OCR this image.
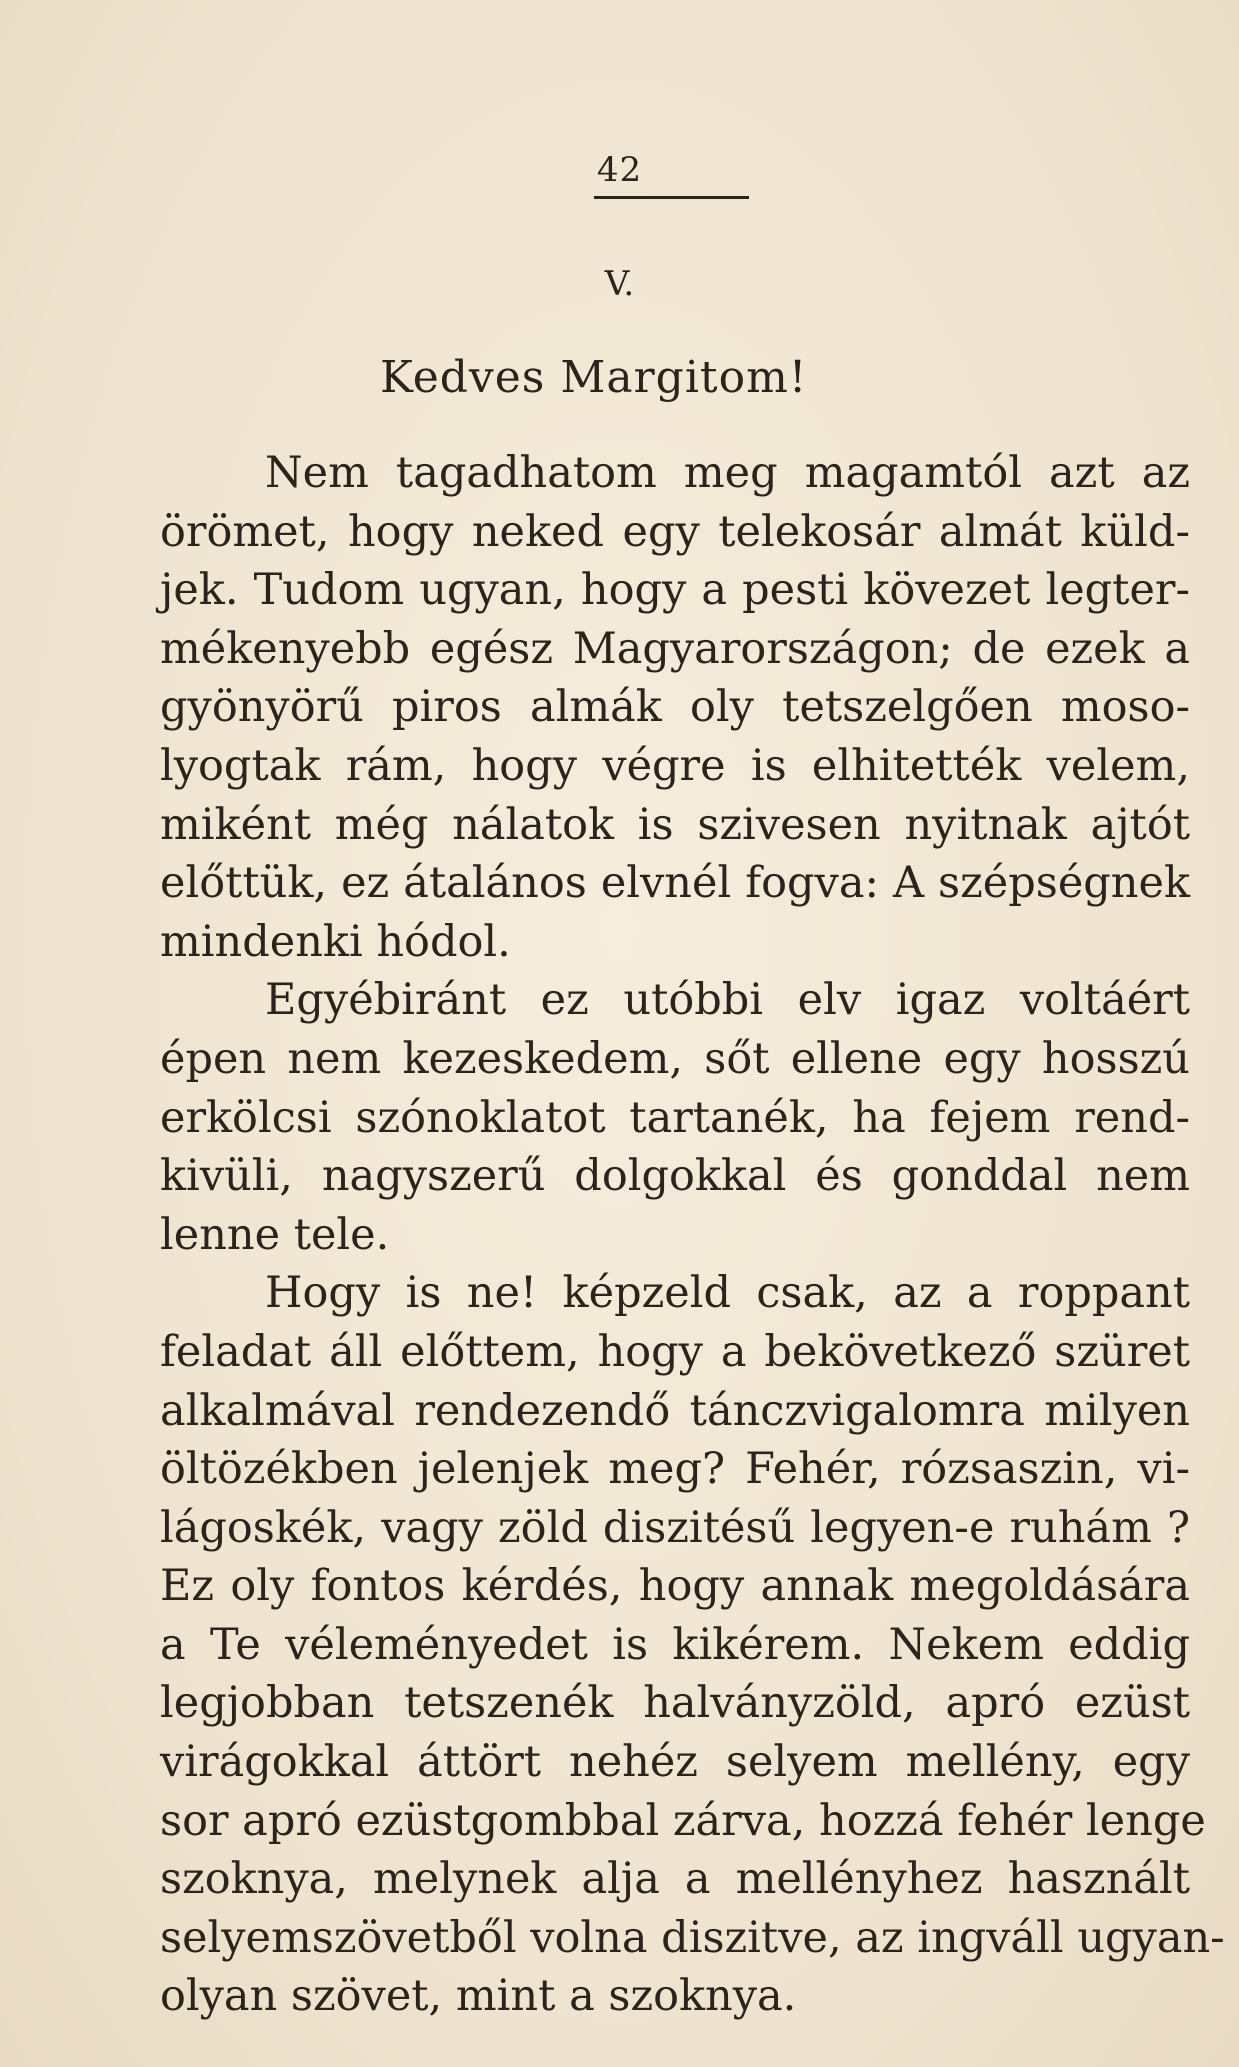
42
V.
Kedves Margitom!

Nem tagadhatom meg magamtól azt az
örömet, hogy neked egy telekosár almát küld-
jek. Tudom ugyan, hogy a pesti kövezet legter-
mékenyebb egész Magyarországon; de ezek a
gyönyörű piros almák oly tetszelgően moso-
lyogtak rám, hogy végre is elhitették velem,
miként még nálatok is szivesen nyitnak ajtót
előttük, ez átalános elvnél fogva: A szépségnek
mindenki hódol.

Egyébiránt ez utóbbi elv igaz voltáért
épen nem kezeskedem, sőt ellene egy hosszú
erkölcsi szónoklatot tartanék, ha fejem rend-
kivüli, nagyszerű dolgokkal és gonddal nem
lenne tele.

Hogy is ne! képzeld csak, az a roppant
feladat áll előttem, hogy a bekövetkező szüret
alkalmával rendezendő tánczvigalomra milyen
öltözékben jelenjek meg? Fehér, rózsaszin, vi-
lágoskék, vagy zöld diszitésű legyen-e ruhám ?
Ez oly fontos kérdés, hogy annak megoldására
a Te véleményedet is kikérem. Nekem eddig
legjobban tetszenék halványzöld, apró ezüst
virágokkal áttört nehéz selyem mellény, egy
sor apró ezüstgombbal zárva, hozzá fehér lenge
szoknya, melynek alja a mellényhez használt
selyemszövetből volna diszitve, az ingváll ugyan-
olyan szövet, mint a szoknya.
